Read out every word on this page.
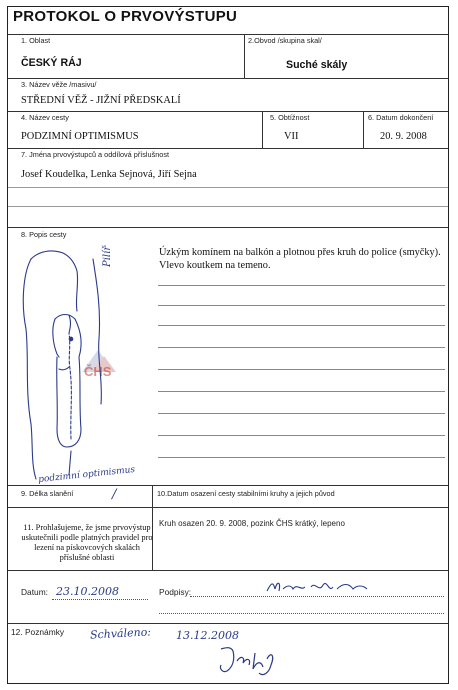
PROTOKOL O PRVOVÝSTUPU
1. Oblast
ČESKÝ RÁJ
2.Obvod /skupina skal/
Suché skály
3. Název věže /masivu/
STŘEDNÍ VĚŽ - JIŽNÍ PŘEDSKALÍ
4. Název cesty
PODZIMNÍ OPTIMISMUS
5. Obtížnost
VII
6. Datum dokončení
20. 9. 2008
7. Jména prvovýstupců a oddílová příslušnost
Josef Koudelka, Lenka Sejnová, Jiří Sejna
8. Popis cesty
Úzkým komínem na balkón a plotnou přes kruh do police (smyčky). Vlevo koutkem na temeno.
ČHS
Pilíř
podzimní optimismus
9. Délka slanění	/	10.Datum osazení cesty stabilními kruhy a jejich původ
Kruh osazen 20. 9. 2008, pozink ČHS krátký, lepeno
11. Prohlašujeme, že jsme prvovýstup uskutečnili podle platných pravidel pro lezení na pískovcových skalách příslušné oblasti
Datum: 23.10.2008	Podpisy:
12. Poznámky Schváleno: 13.12.2008
